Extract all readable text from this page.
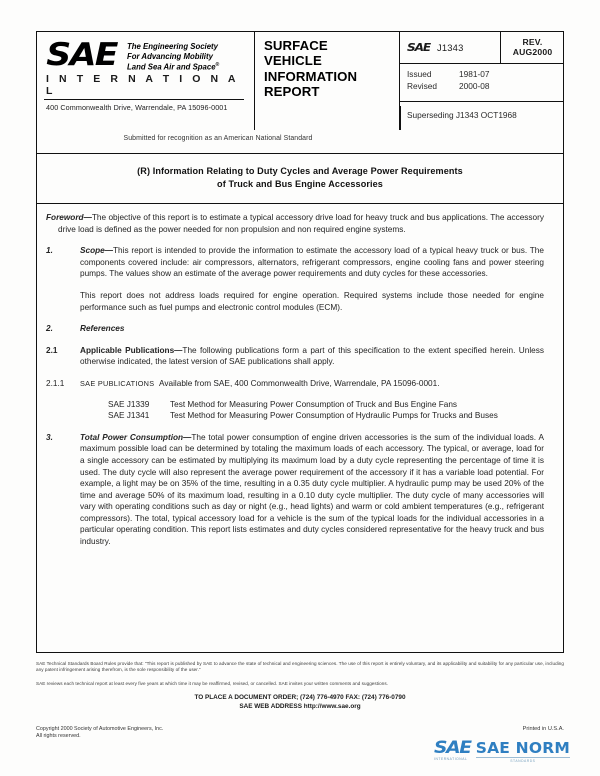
SAE The Engineering Society
For Advancing Mobility
Land Sea Air and Space®
I N T E R N A T I O N A L
400 Commonwealth Drive, Warrendale, PA 15096-0001
SURFACE
VEHICLE
INFORMATION
REPORT
SAE J1343	REV.
AUG2000
Issued	1981-07
Revised	2000-08
Superseding J1343 OCT1968
Submitted for recognition as an American National Standard
(R) Information Relating to Duty Cycles and Average Power Requirements
of Truck and Bus Engine Accessories
Foreword—The objective of this report is to estimate a typical accessory drive load for heavy truck and bus applications. The accessory drive load is defined as the power needed for non propulsion and non required engine systems.
1.	Scope—This report is intended to provide the information to estimate the accessory load of a typical heavy truck or bus. The components covered include: air compressors, alternators, refrigerant compressors, engine cooling fans and power steering pumps. The values show an estimate of the average power requirements and duty cycles for these accessories.
This report does not address loads required for engine operation. Required systems include those needed for engine performance such as fuel pumps and electronic control modules (ECM).
2.	References
2.1	Applicable Publications—The following publications form a part of this specification to the extent specified herein. Unless otherwise indicated, the latest version of SAE publications shall apply.
2.1.1	SAE PUBLICATIONS Available from SAE, 400 Commonwealth Drive, Warrendale, PA 15096-0001.
SAE J1339	Test Method for Measuring Power Consumption of Truck and Bus Engine Fans
SAE J1341	Test Method for Measuring Power Consumption of Hydraulic Pumps for Trucks and Buses
3.	Total Power Consumption—The total power consumption of engine driven accessories is the sum of the individual loads. A maximum possible load can be determined by totaling the maximum loads of each accessory. The typical, or average, load for a single accessory can be estimated by multiplying its maximum load by a duty cycle representing the percentage of time it is used. The duty cycle will also represent the average power requirement of the accessory if it has a variable load potential. For example, a light may be on 35% of the time, resulting in a 0.35 duty cycle multiplier. A hydraulic pump may be used 20% of the time and average 50% of its maximum load, resulting in a 0.10 duty cycle multiplier. The duty cycle of many accessories will vary with operating conditions such as day or night (e.g., head lights) and warm or cold ambient temperatures (e.g., refrigerant compressors). The total, typical accessory load for a vehicle is the sum of the typical loads for the individual accessories in a particular operating condition. This report lists estimates and duty cycles considered representative for the heavy truck and bus industry.
SAE Technical Standards Board Rules provide that: "This report is published by SAE to advance the state of technical and engineering sciences. The use of this report is entirely voluntary, and its applicability and suitability for any particular use, including any patent infringement arising therefrom, is the sole responsibility of the user."
SAE reviews each technical report at least every five years at which time it may be reaffirmed, revised, or cancelled. SAE invites your written comments and suggestions.
TO PLACE A DOCUMENT ORDER; (724) 776-4970 FAX: (724) 776-0790
SAE WEB ADDRESS http://www.sae.org
Copyright 2000 Society of Automotive Engineers, Inc.
All rights reserved.
Printed in U.S.A.
SAE
INTERNATIONAL
SAE NORM
STANDARDS
